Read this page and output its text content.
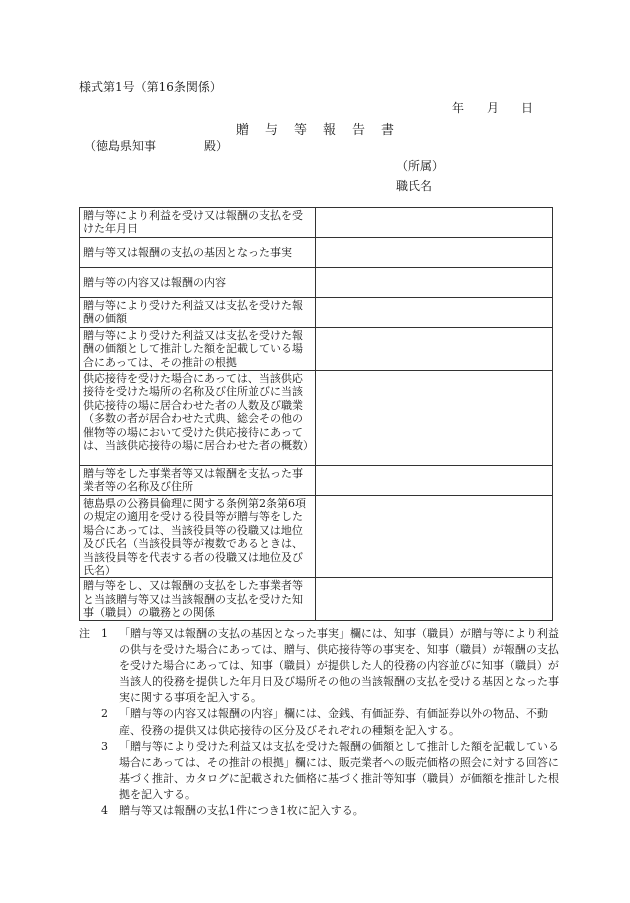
様式第1号（第16条関係）
年 月 日
贈 与 等 報 告 書
（徳島県知事　　　　殿）
（所属）
職氏名
贈与等により利益を受け又は報酬の支払を受けた年月日	
贈与等又は報酬の支払の基因となった事実	
贈与等の内容又は報酬の内容	
贈与等により受けた利益又は支払を受けた報酬の価額	
贈与等により受けた利益又は支払を受けた報酬の価額として推計した額を記載している場合にあっては、その推計の根拠	
供応接待を受けた場合にあっては、当該供応接待を受けた場所の名称及び住所並びに当該供応接待の場に居合わせた者の人数及び職業（多数の者が居合わせた式典、総会その他の催物等の場において受けた供応接待にあっては、当該供応接待の場に居合わせた者の概数）	
贈与等をした事業者等又は報酬を支払った事業者等の名称及び住所	
徳島県の公務員倫理に関する条例第2条第6項の規定の適用を受ける役員等が贈与等をした場合にあっては、当該役員等の役職又は地位及び氏名（当該役員等が複数であるときは、当該役員等を代表する者の役職又は地位及び氏名）	
贈与等をし、又は報酬の支払をした事業者等と当該贈与等又は当該報酬の支払を受けた知事（職員）の職務との関係	
注 1 「贈与等又は報酬の支払の基因となった事実」欄には、知事（職員）が贈与等により利益の供与を受けた場合にあっては、贈与、供応接待等の事実を、知事（職員）が報酬の支払を受けた場合にあっては、知事（職員）が提供した人的役務の内容並びに知事（職員）が当該人的役務を提供した年月日及び場所その他の当該報酬の支払を受ける基因となった事実に関する事項を記入する。
2 「贈与等の内容又は報酬の内容」欄には、金銭、有価証券、有価証券以外の物品、不動産、役務の提供又は供応接待の区分及びそれぞれの種類を記入する。
3 「贈与等により受けた利益又は支払を受けた報酬の価額として推計した額を記載している場合にあっては、その推計の根拠」欄には、販売業者への販売価格の照会に対する回答に基づく推計、カタログに記載された価格に基づく推計等知事（職員）が価額を推計した根拠を記入する。
4 贈与等又は報酬の支払1件につき1枚に記入する。
